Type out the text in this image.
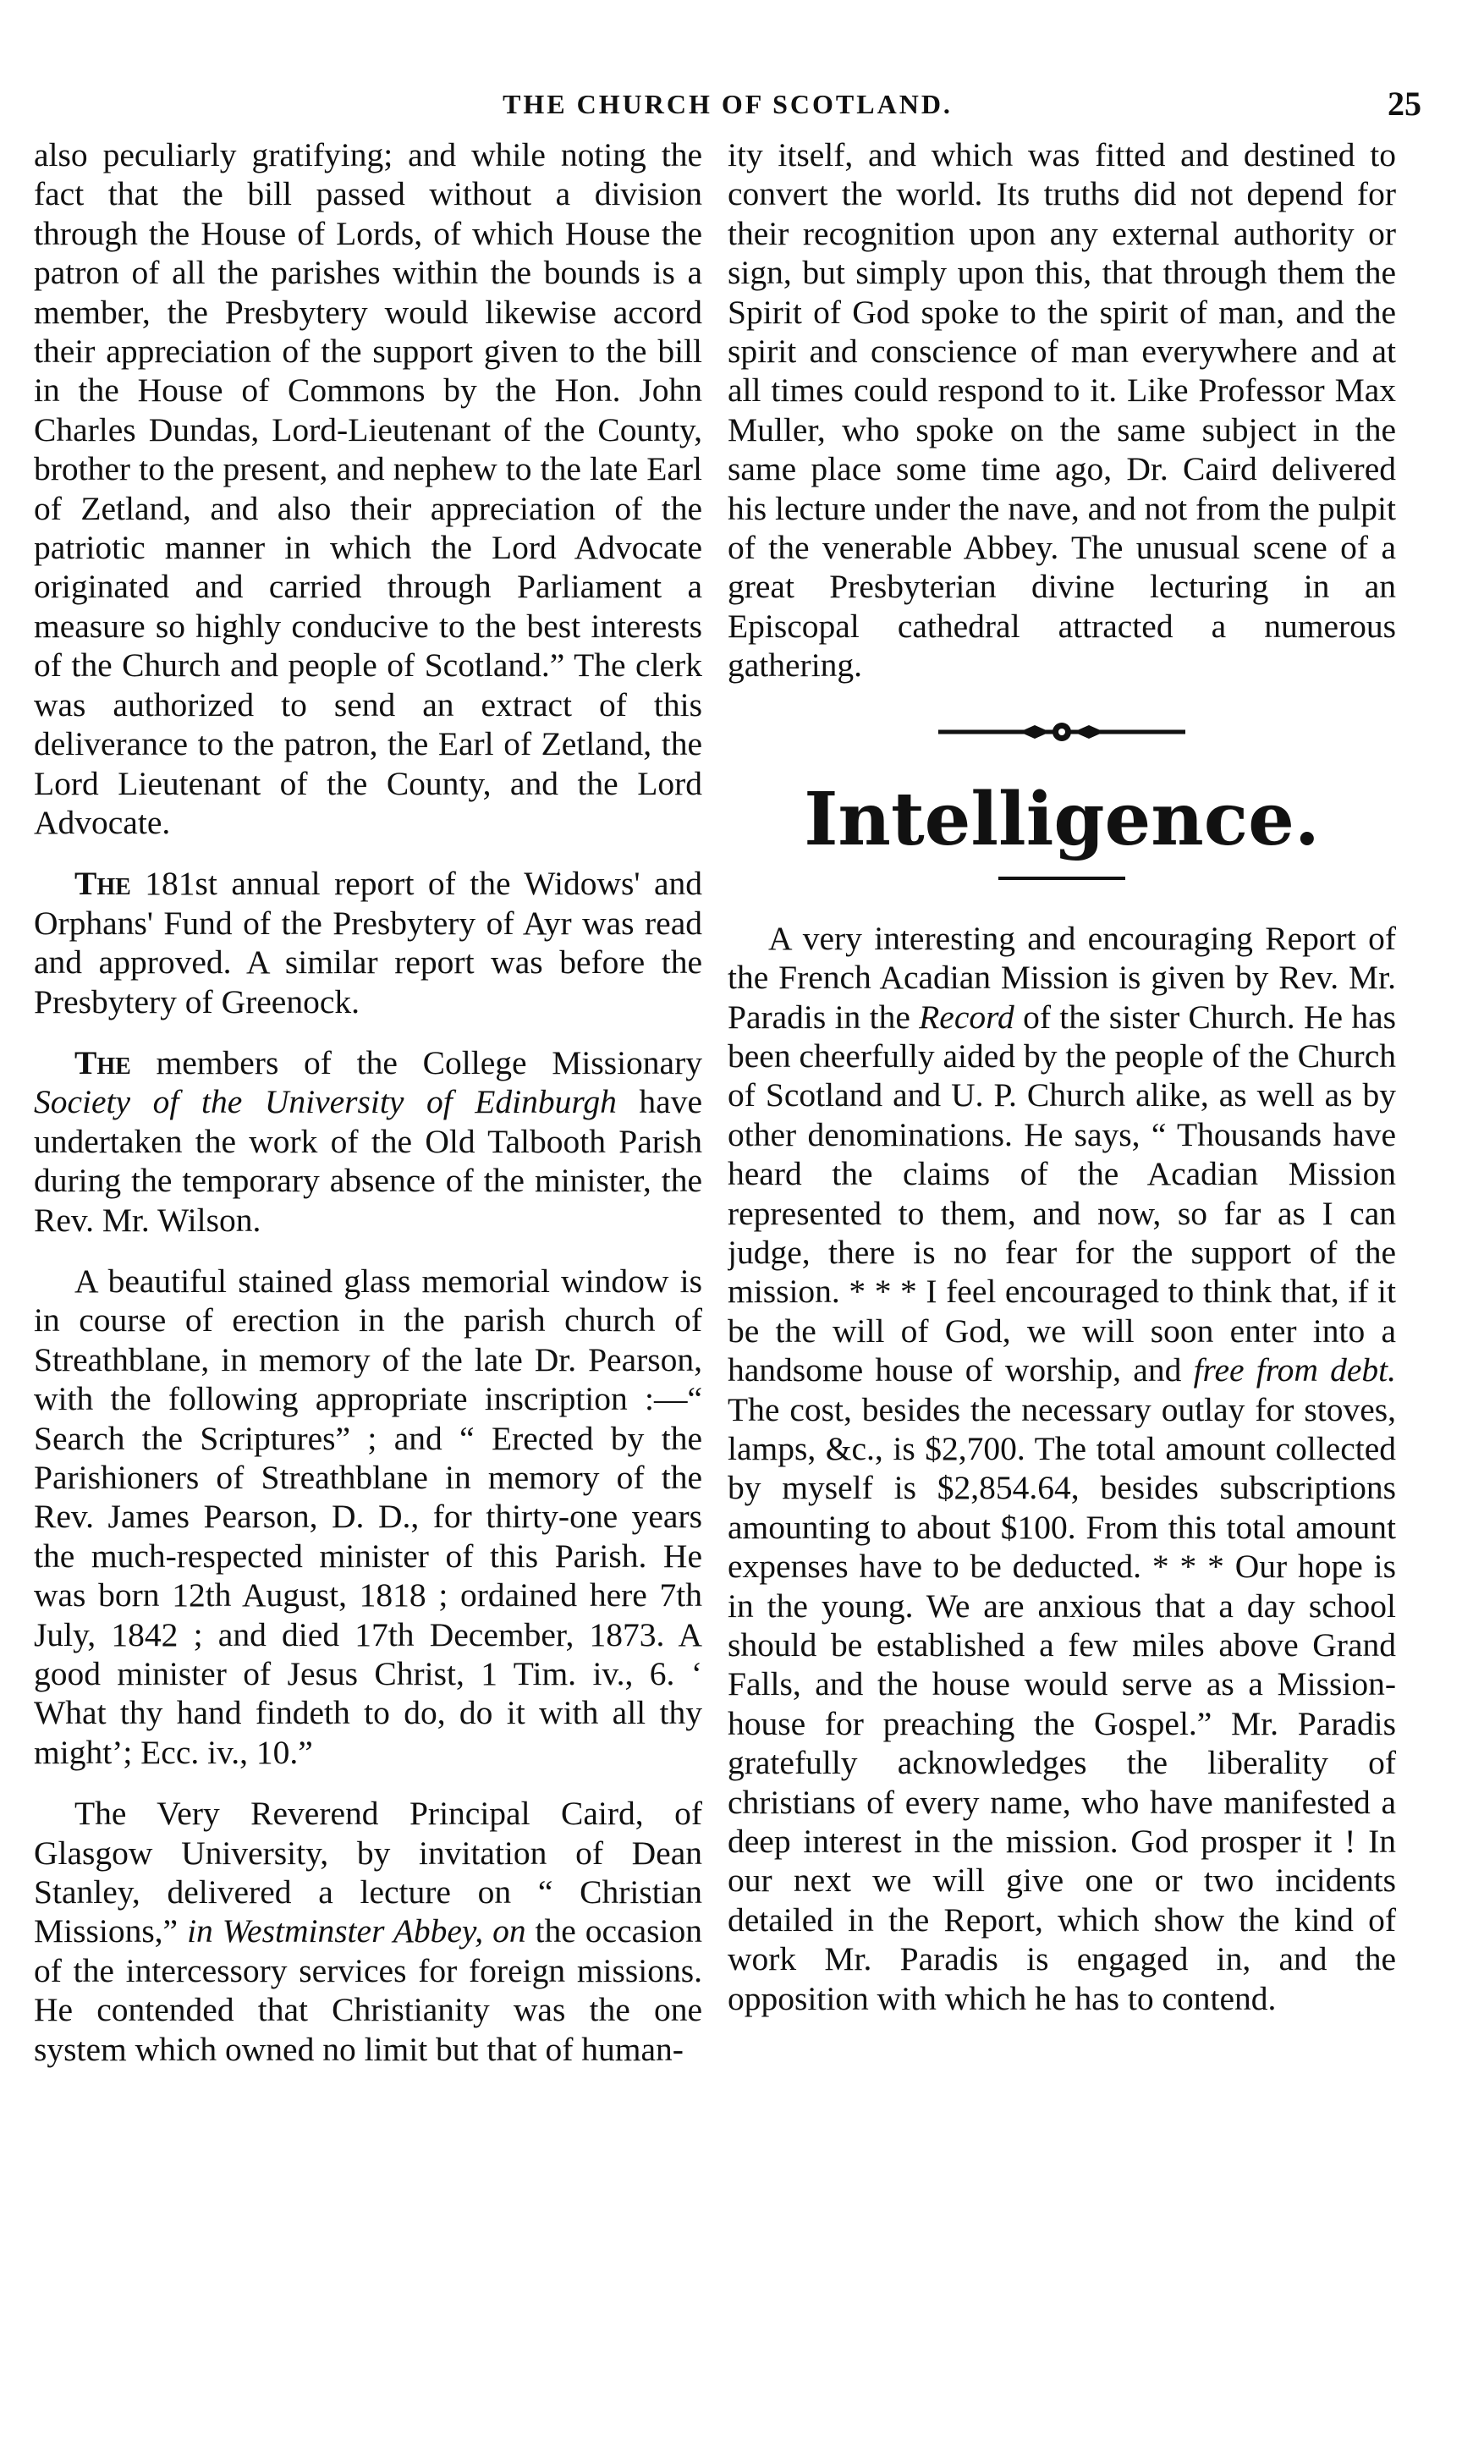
THE CHURCH OF SCOTLAND.	25

also peculiarly gratifying; and while noting the fact that the bill passed without a division through the House of Lords, of which House the patron of all the parishes within the bounds is a member, the Presbytery would likewise accord their appreciation of the support given to the bill in the House of Commons by the Hon. John Charles Dundas, Lord-Lieutenant of the County, brother to the present, and nephew to the late Earl of Zetland, and also their appreciation of the patriotic manner in which the Lord Advocate originated and carried through Parliament a measure so highly conducive to the best interests of the Church and people of Scotland.” The clerk was authorized to send an extract of this deliverance to the patron, the Earl of Zetland, the Lord Lieutenant of the County, and the Lord Advocate.

The 181st annual report of the Widows' and Orphans' Fund of the Presbytery of Ayr was read and approved. A similar report was before the Presbytery of Greenock.

The members of the College Missionary Society of the University of Edinburgh have undertaken the work of the Old Talbooth Parish during the temporary absence of the minister, the Rev. Mr. Wilson.

A beautiful stained glass memorial window is in course of erection in the parish church of Streathblane, in memory of the late Dr. Pearson, with the following appropriate inscription :—“ Search the Scriptures” ; and “ Erected by the Parishioners of Streathblane in memory of the Rev. James Pearson, D. D., for thirty-one years the much-respected minister of this Parish. He was born 12th August, 1818 ; ordained here 7th July, 1842 ; and died 17th December, 1873. A good minister of Jesus Christ, 1 Tim. iv., 6. ‘ What thy hand findeth to do, do it with all thy might’; Ecc. iv., 10.”

The Very Reverend Principal Caird, of Glasgow University, by invitation of Dean Stanley, delivered a lecture on “ Christian Missions,” in Westminster Abbey, on the occasion of the intercessory services for foreign missions. He contended that Christianity was the one system which owned no limit but that of human-

ity itself, and which was fitted and destined to convert the world. Its truths did not depend for their recognition upon any external authority or sign, but simply upon this, that through them the Spirit of God spoke to the spirit of man, and the spirit and conscience of man everywhere and at all times could respond to it. Like Professor Max Muller, who spoke on the same subject in the same place some time ago, Dr. Caird delivered his lecture under the nave, and not from the pulpit of the venerable Abbey. The unusual scene of a great Presbyterian divine lecturing in an Episcopal cathedral attracted a numerous gathering.

Intelligence.

A very interesting and encouraging Report of the French Acadian Mission is given by Rev. Mr. Paradis in the Record of the sister Church. He has been cheerfully aided by the people of the Church of Scotland and U. P. Church alike, as well as by other denominations. He says, “ Thousands have heard the claims of the Acadian Mission represented to them, and now, so far as I can judge, there is no fear for the support of the mission. * * * I feel encouraged to think that, if it be the will of God, we will soon enter into a handsome house of worship, and free from debt. The cost, besides the necessary outlay for stoves, lamps, &c., is $2,700. The total amount collected by myself is $2,854.64, besides subscriptions amounting to about $100. From this total amount expenses have to be deducted. * * * Our hope is in the young. We are anxious that a day school should be established a few miles above Grand Falls, and the house would serve as a Mission-house for preaching the Gospel.” Mr. Paradis gratefully acknowledges the liberality of christians of every name, who have manifested a deep interest in the mission. God prosper it ! In our next we will give one or two incidents detailed in the Report, which show the kind of work Mr. Paradis is engaged in, and the opposition with which he has to contend.
